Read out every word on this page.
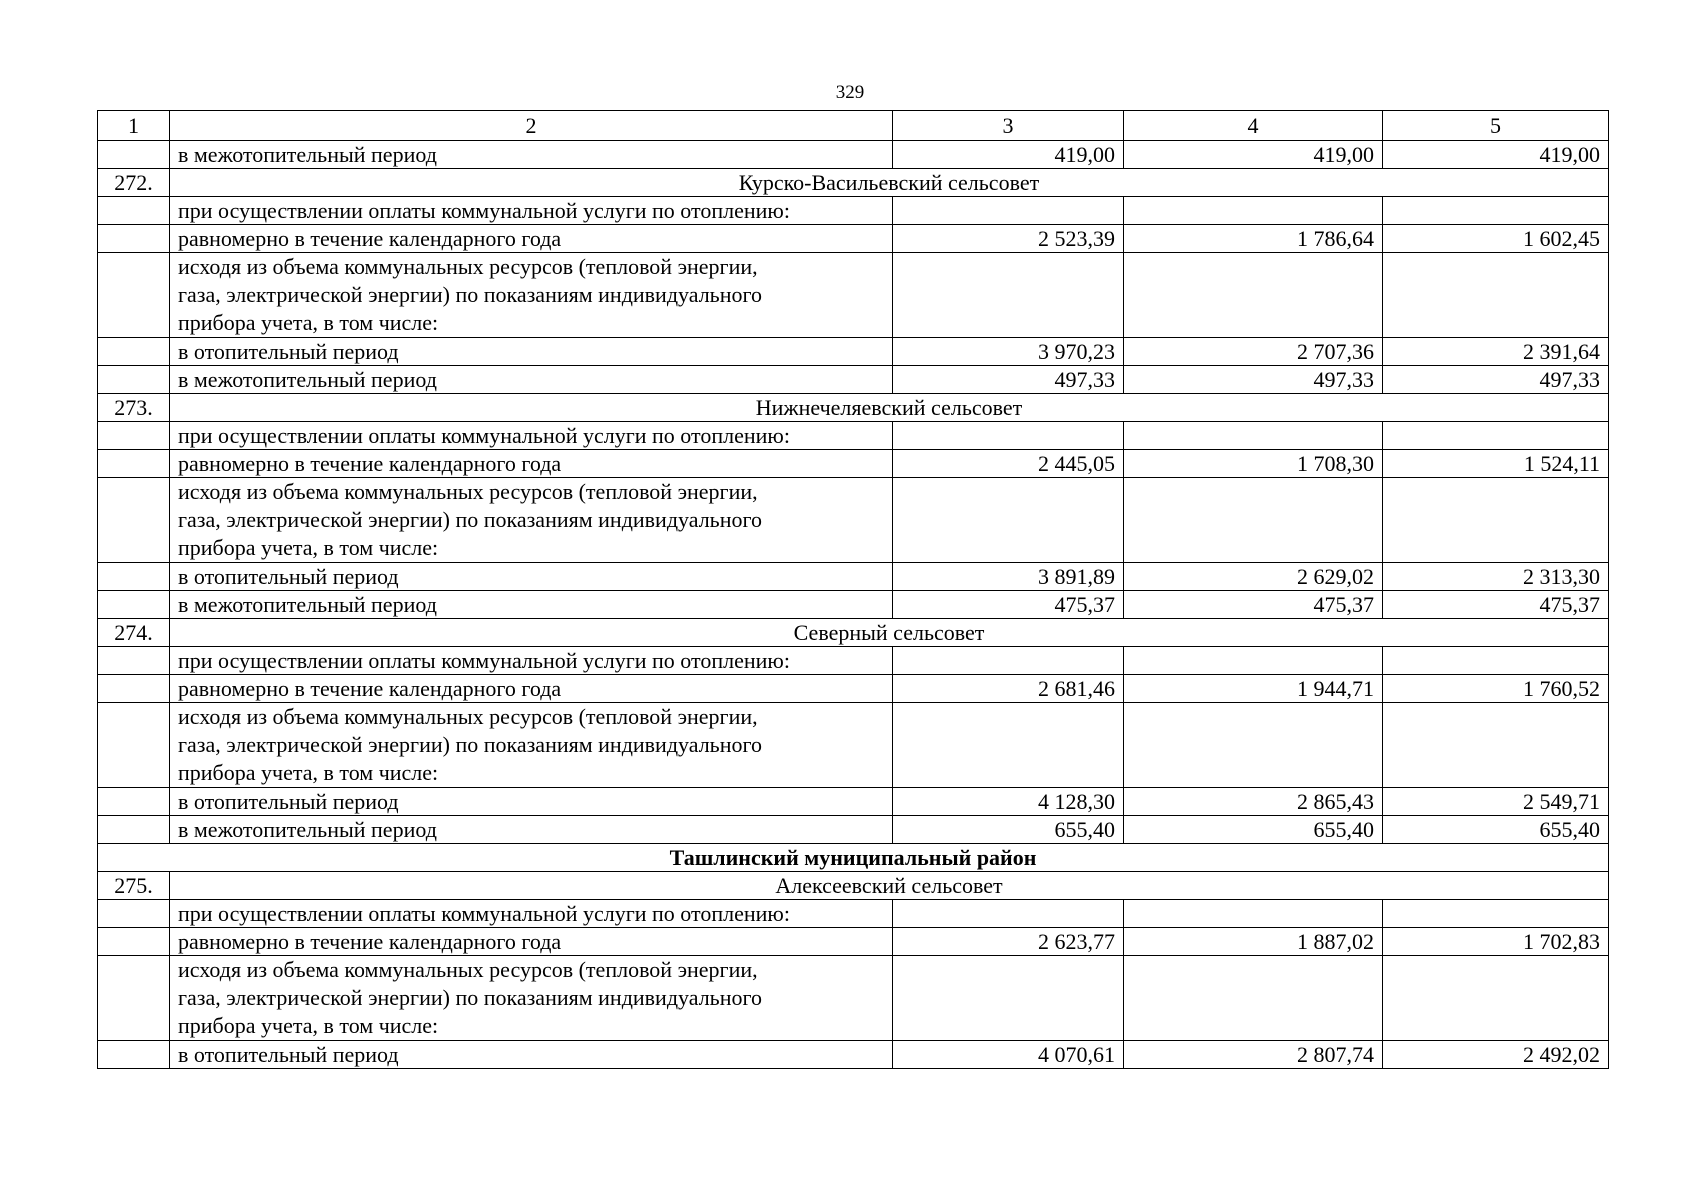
329
1	2	3	4	5
	в межотопительный период	419,00	419,00	419,00
272.	Курско-Васильевский сельсовет			
	при осуществлении оплаты коммунальной услуги по отоплению:			
	равномерно в течение календарного года	2 523,39	1 786,64	1 602,45

	исходя из объема коммунальных ресурсов (тепловой энергии,
газа, электрической энергии) по показаниям индивидуального
прибора учета, в том числе:			

	в отопительный период	3 970,23	2 707,36	2 391,64
	в межотопительный период	497,33	497,33	497,33
273.	Нижнечеляевский сельсовет			
	при осуществлении оплаты коммунальной услуги по отоплению:			
	равномерно в течение календарного года	2 445,05	1 708,30	1 524,11

	исходя из объема коммунальных ресурсов (тепловой энергии,
газа, электрической энергии) по показаниям индивидуального
прибора учета, в том числе:			

	в отопительный период	3 891,89	2 629,02	2 313,30
	в межотопительный период	475,37	475,37	475,37
274.	Северный сельсовет			
	при осуществлении оплаты коммунальной услуги по отоплению:			
	равномерно в течение календарного года	2 681,46	1 944,71	1 760,52

	исходя из объема коммунальных ресурсов (тепловой энергии,
газа, электрической энергии) по показаниям индивидуального
прибора учета, в том числе:			

	в отопительный период	4 128,30	2 865,43	2 549,71
	в межотопительный период	655,40	655,40	655,40
Ташлинский муниципальный район				
275.	Алексеевский сельсовет			
	при осуществлении оплаты коммунальной услуги по отоплению:			
	равномерно в течение календарного года	2 623,77	1 887,02	1 702,83

	исходя из объема коммунальных ресурсов (тепловой энергии,
газа, электрической энергии) по показаниям индивидуального
прибора учета, в том числе:			

	в отопительный период	4 070,61	2 807,74	2 492,02
